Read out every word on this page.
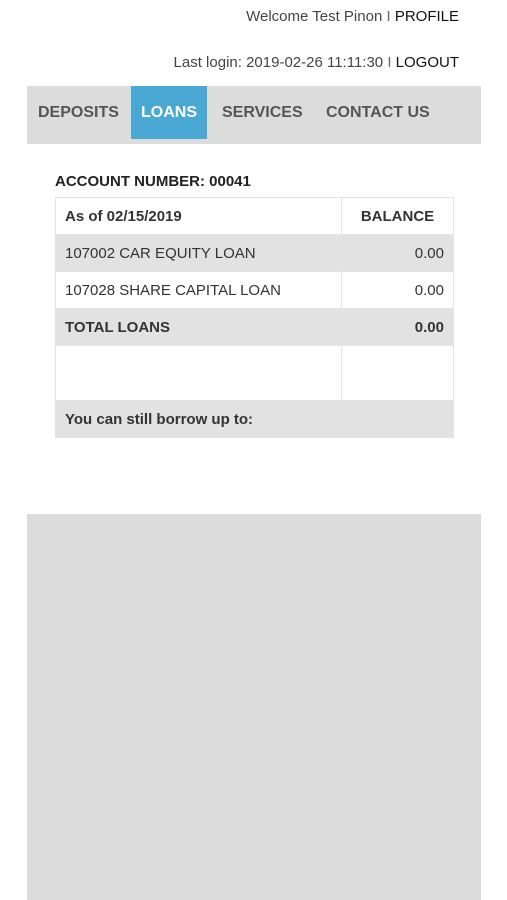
Welcome Test Pinon I PROFILE
Last login: 2019-02-26 11:11:30 I LOGOUT
DEPOSITS	LOANS	SERVICES CONTACT US
ACCOUNT NUMBER: 00041
As of 02/15/2019	BALANCE
107002 CAR EQUITY LOAN	0.00
107028 SHARE CAPITAL LOAN	0.00
TOTAL LOANS	0.00

You can still borrow up to:	
